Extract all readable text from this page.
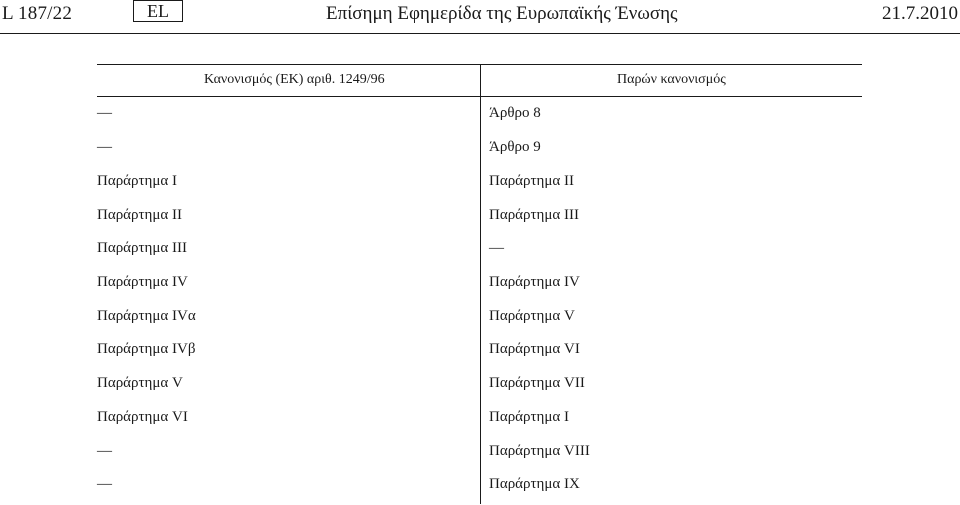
L 187/22	EL	Επίσημη Εφημερίδα της Ευρωπαϊκής Ένωσης	21.7.2010
Κανονισμός (ΕΚ) αριθ. 1249/96	Παρών κανονισμός
—	Άρθρο 8
—	Άρθρο 9
Παράρτημα I	Παράρτημα II
Παράρτημα II	Παράρτημα III
Παράρτημα III	—
Παράρτημα IV	Παράρτημα IV
Παράρτημα IVα	Παράρτημα V
Παράρτημα IVβ	Παράρτημα VI
Παράρτημα V	Παράρτημα VII
Παράρτημα VI	Παράρτημα I
—	Παράρτημα VIII
—	Παράρτημα IX
